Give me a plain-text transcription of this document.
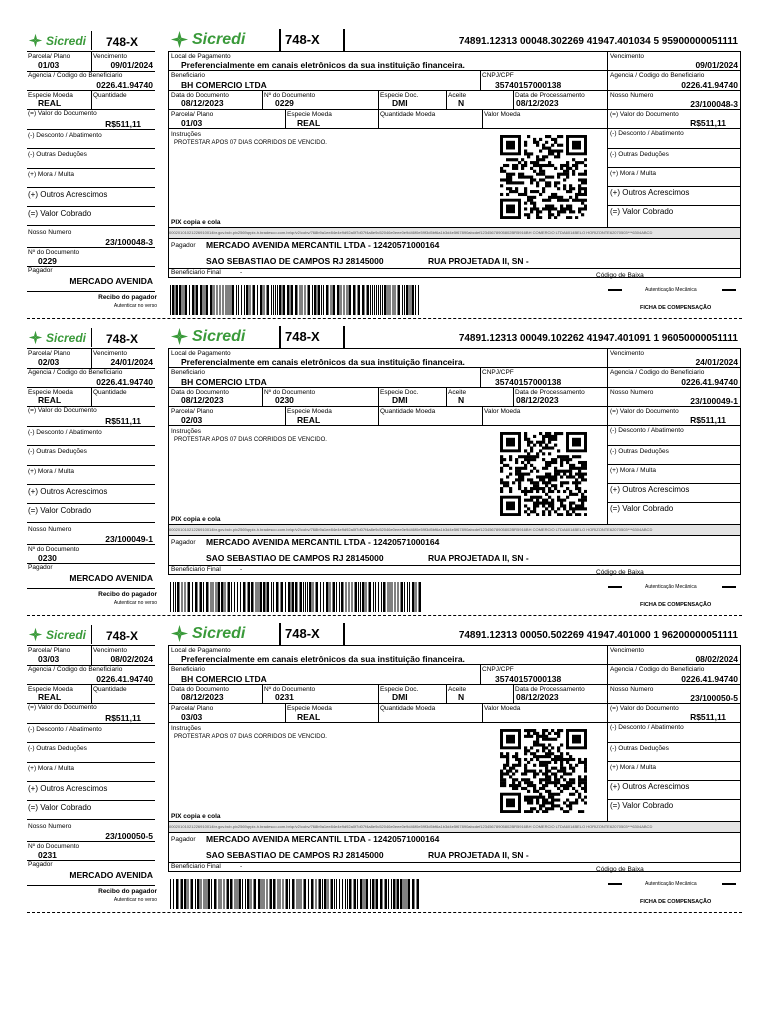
Sicredi 748-X
Parcela/ Plano	Vencimento
01/03	09/01/2024
Agencia / Codigo do Beneficiario
0226.41.94740
Especie Moeda	Quantidade
REAL
(=) Valor do Documento
R$511,11
(-) Desconto / Abatimento
(-) Outras Deduções
(+) Mora / Multa
(+) Outros Acrescimos
(=) Valor Cobrado
Nosso Numero
23/100048-3
Nº do Documento
0229
Pagador
MERCADO AVENIDA
Sicredi	748-X	74891.12313 00048.302269 41947.401034 5 95900000051111
Local de Pagamento
Preferencialmente em canais eletrônicos da sua instituição financeira.
Vencimento
09/01/2024
Beneficiario	CNPJ/CPF
BH COMERCIO LTDA	35740157000138
Agencia / Codigo do Beneficiario
0226.41.94740
Data do Documento	Nº do Documento	Especie Doc.	Aceite	Data de Processamento
08/12/2023	0229	DMI	N	08/12/2023
Nosso Numero
23/100048-3
Parcela/ Plano	Especie Moeda	Quantidade Moeda	Valor Moeda
01/03	REAL
(=) Valor do Documento
R$511,11
Instruções
PROTESTAR APOS 07 DIAS CORRIDOS DE VENCIDO.
(-) Desconto / Abatimento
(-) Outras Deduções
(+) Mora / Multa
(+) Outros Acrescimos
(=) Valor Cobrado
PIX copia e cola
00020101021226910014br.gov.bcb.pix2569qrpix-h.bradesco.com.br/qr/v2/cobv/768b9a1ee84e4e9d92a0f7d07f4a8e9c52046e0eee0e9d46f0e59f3d5bf6a1b3d4e5f67890abcdef12345678905802BR5916BH COMERCIO LTDA6014BELO HORIZONTE62070503***6304ABCD
Pagador MERCADO AVENIDA MERCANTIL LTDA - 12420571000164
SAO SEBASTIAO DE CAMPOS RJ 28145000	RUA PROJETADA II, SN -
Beneficiario Final	-	Código de Baixa
Recibo do pagador
Autenticar no verso
Autenticação Mecânica
FICHA DE COMPENSAÇÃO
Sicredi 748-X
Parcela/ Plano	Vencimento
02/03	24/01/2024
Agencia / Codigo do Beneficiario
0226.41.94740
Especie Moeda	Quantidade
REAL
(=) Valor do Documento
R$511,11
(-) Desconto / Abatimento
(-) Outras Deduções
(+) Mora / Multa
(+) Outros Acrescimos
(=) Valor Cobrado
Nosso Numero
23/100049-1
Nº do Documento
0230
Pagador
MERCADO AVENIDA
Sicredi	748-X	74891.12313 00049.102262 41947.401091 1 96050000051111
Local de Pagamento
Preferencialmente em canais eletrônicos da sua instituição financeira.
Vencimento
24/01/2024
Beneficiario	CNPJ/CPF
BH COMERCIO LTDA	35740157000138
Agencia / Codigo do Beneficiario
0226.41.94740
Data do Documento	Nº do Documento	Especie Doc.	Aceite	Data de Processamento
08/12/2023	0230	DMI	N	08/12/2023
Nosso Numero
23/100049-1
Parcela/ Plano	Especie Moeda	Quantidade Moeda	Valor Moeda
02/03	REAL
(=) Valor do Documento
R$511,11
Instruções
PROTESTAR APOS 07 DIAS CORRIDOS DE VENCIDO.
(-) Desconto / Abatimento
(-) Outras Deduções
(+) Mora / Multa
(+) Outros Acrescimos
(=) Valor Cobrado
PIX copia e cola
00020101021226910014br.gov.bcb.pix2569qrpix-h.bradesco.com.br/qr/v2/cobv/768b9a1ee84e4e9d92a0f7d07f4a8e9c52046e0eee0e9d46f0e59f3d5bf6a1b3d4e5f67890abcdef12345678905802BR5916BH COMERCIO LTDA6014BELO HORIZONTE62070503***6304ABCD
Pagador MERCADO AVENIDA MERCANTIL LTDA - 12420571000164
SAO SEBASTIAO DE CAMPOS RJ 28145000	RUA PROJETADA II, SN -
Beneficiario Final	-	Código de Baixa
Recibo do pagador
Autenticar no verso
Autenticação Mecânica
FICHA DE COMPENSAÇÃO
Sicredi 748-X
Parcela/ Plano	Vencimento
03/03	08/02/2024
Agencia / Codigo do Beneficiario
0226.41.94740
Especie Moeda	Quantidade
REAL
(=) Valor do Documento
R$511,11
(-) Desconto / Abatimento
(-) Outras Deduções
(+) Mora / Multa
(+) Outros Acrescimos
(=) Valor Cobrado
Nosso Numero
23/100050-5
Nº do Documento
0231
Pagador
MERCADO AVENIDA
Sicredi	748-X	74891.12313 00050.502269 41947.401000 1 96200000051111
Local de Pagamento
Preferencialmente em canais eletrônicos da sua instituição financeira.
Vencimento
08/02/2024
Beneficiario	CNPJ/CPF
BH COMERCIO LTDA	35740157000138
Agencia / Codigo do Beneficiario
0226.41.94740
Data do Documento	Nº do Documento	Especie Doc.	Aceite	Data de Processamento
08/12/2023	0231	DMI	N	08/12/2023
Nosso Numero
23/100050-5
Parcela/ Plano	Especie Moeda	Quantidade Moeda	Valor Moeda
03/03	REAL
(=) Valor do Documento
R$511,11
Instruções
PROTESTAR APOS 07 DIAS CORRIDOS DE VENCIDO.
(-) Desconto / Abatimento
(-) Outras Deduções
(+) Mora / Multa
(+) Outros Acrescimos
(=) Valor Cobrado
PIX copia e cola
00020101021226910014br.gov.bcb.pix2569qrpix-h.bradesco.com.br/qr/v2/cobv/768b9a1ee84e4e9d92a0f7d07f4a8e9c52046e0eee0e9d46f0e59f3d5bf6a1b3d4e5f67890abcdef12345678905802BR5916BH COMERCIO LTDA6014BELO HORIZONTE62070503***6304ABCD
Pagador MERCADO AVENIDA MERCANTIL LTDA - 12420571000164
SAO SEBASTIAO DE CAMPOS RJ 28145000	RUA PROJETADA II, SN -
Beneficiario Final	-	Código de Baixa
Recibo do pagador
Autenticar no verso
Autenticação Mecânica
FICHA DE COMPENSAÇÃO
